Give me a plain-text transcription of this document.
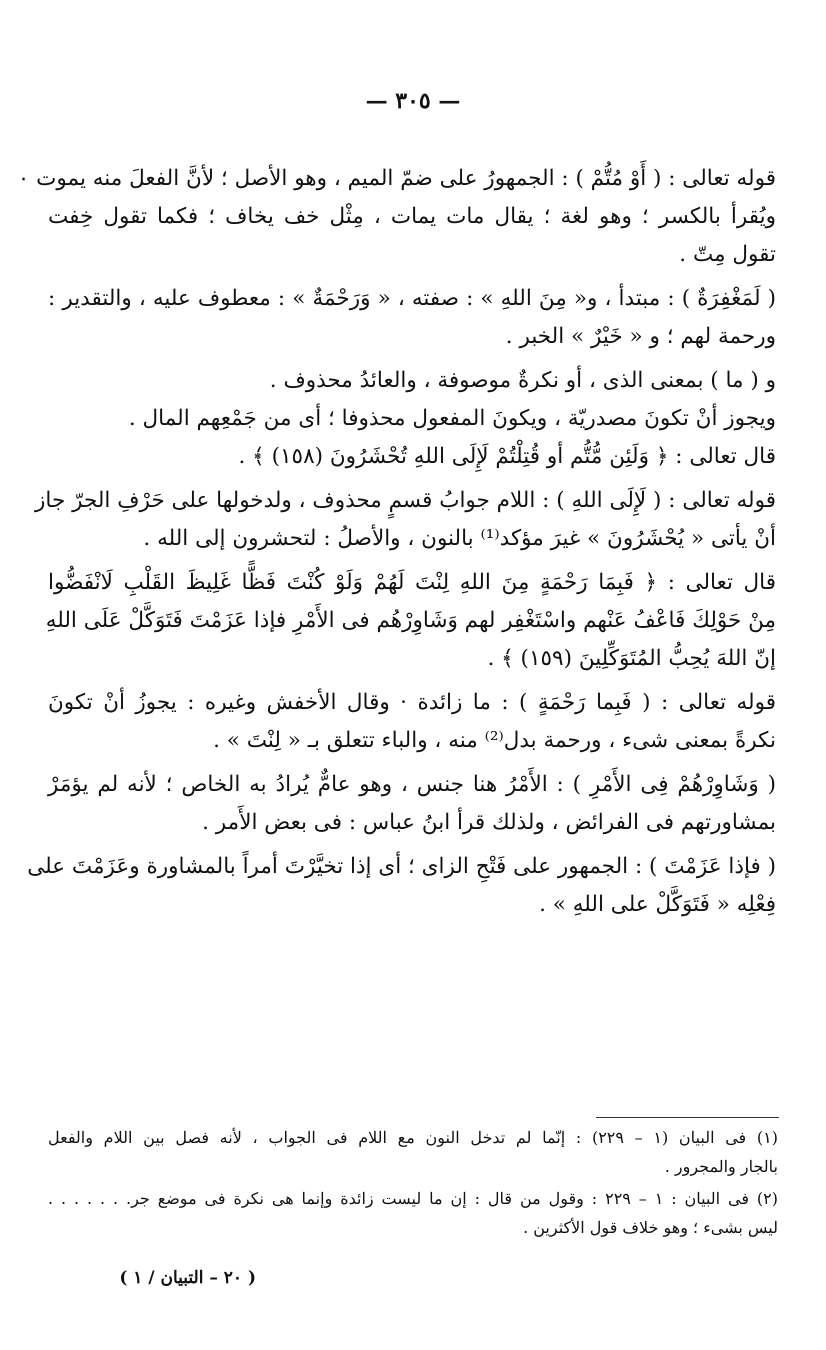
— ٣٠٥ —
قوله تعالى : ( أَوْ مُتُّمْ ) : الجمهورُ على ضمّ الميم ، وهو الأصل ؛ لأنَّ الفعلَ منه يموت ٠
ويُقرأ بالكسر ؛ وهو لغة ؛ يقال مات يمات ، مِثْل خف يخاف ؛ فكما تقول خِفت
تقول مِتّ .
( لَمَغْفِرَةٌ ) : مبتدأ ، و« مِنَ اللهِ » : صفته ، « وَرَحْمَةٌ » : معطوف عليه ، والتقدير :
ورحمة لهم ؛ و « خَيْرٌ » الخبر .
و ( ما ) بمعنى الذى ، أو نكرةٌ موصوفة ، والعائدُ محذوف .
ويجوز أنْ تكونَ مصدريّة ، ويكونَ المفعول محذوفا ؛ أى من جَمْعِهم المال .
قال تعالى : ﴿ وَلَئِن مُّتُّم أو قُتِلْتُمْ لَإِلَى اللهِ تُحْشَرُونَ (١٥٨) ﴾ .
قوله تعالى : ( لَإِلَى اللهِ ) : اللام جوابُ قسمٍ محذوف ، ولدخولها على حَرْفِ الجرّ جاز
أنْ يأتى « يُحْشَرُونَ » غيرَ مؤكد⁽¹⁾ بالنون ، والأصلُ : لتحشرون إلى الله .
قال تعالى : ﴿ فَبِمَا رَحْمَةٍ مِنَ اللهِ لِنْتَ لَهُمْ وَلَوْ كُنْتَ فَظًّا غَلِيظَ القَلْبِ لَانْفَضُّوا
مِنْ حَوْلِكَ فَاعْفُ عَنْهم واسْتَغْفِر لهم وَشَاوِرْهُم فى الأَمْرِ فإذا عَزَمْتَ فَتَوَكَّلْ عَلَى اللهِ
إنّ اللهَ يُحِبُّ المُتَوَكِّلِينَ (١٥٩) ﴾ .
قوله تعالى : ( فَبِما رَحْمَةٍ ) : ما زائدة · وقال الأخفش وغيره : يجوزُ أنْ تكونَ
نكرةً بمعنى شىء ، ورحمة بدل⁽²⁾ منه ، والباء تتعلق بـ « لِنْتَ » .
( وَشَاوِرْهُمْ فِى الأَمْرِ ) : الأَمْرُ هنا جنس ، وهو عامٌّ يُرادُ به الخاص ؛ لأنه لم يؤمَرْ
بمشاورتهم فى الفرائض ، ولذلك قرأ ابنُ عباس : فى بعض الأَمر .
( فإذا عَزَمْتَ ) : الجمهور على فَتْحِ الزاى ؛ أى إذا تخيَّرْتَ أمراً بالمشاورة وعَزَمْتَ على
فِعْلِه « فَتَوَكَّلْ على اللهِ » .
(١) فى البيان (١ – ٢٢٩) : إنّما لم تدخل النون مع اللام فى الجواب ، لأنه فصل بين اللام والفعل
بالجار والمجرور .
(٢) فى البيان : ١ – ٢٢٩ : وقول من قال : إن ما ليست زائدة وإنما هى نكرة فى موضع جر. . . . . . .
ليس بشىء ؛ وهو خلاف قول الأكثرين .
( ٢٠ – التبيان / ١ )
